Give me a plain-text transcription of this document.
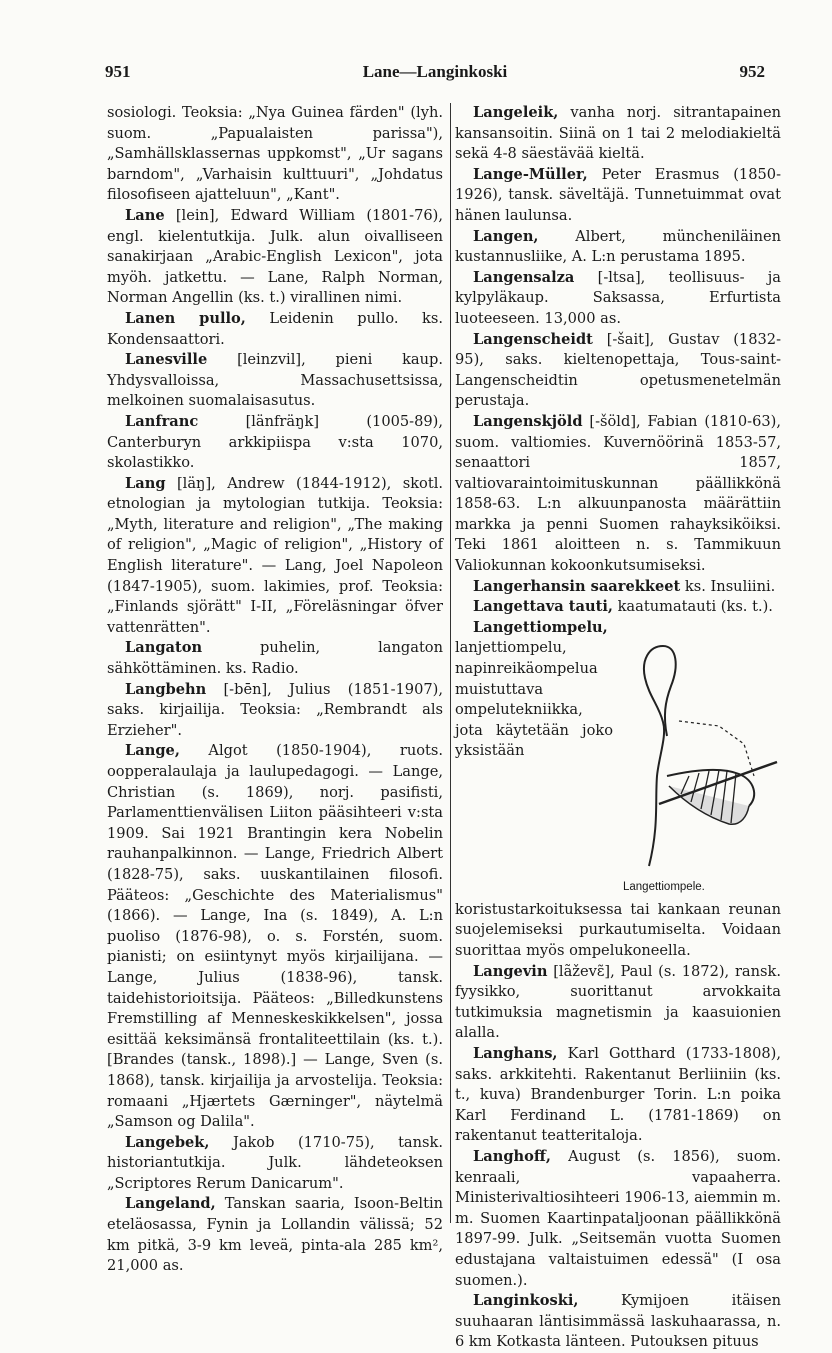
951	Lane—Langinkoski	952

sosiologi. Teoksia: „Nya Guinea färden" (lyh. suom. „Papualaisten parissa"), „Samhällsklassernas uppkomst", „Ur sagans barndom", „Varhaisin kulttuuri", „Johdatus filosofiseen ajatteluun", „Kant".

Lane [lein], Edward William (1801-76), engl. kielentutkija. Julk. alun oivalliseen sanakirjaan „Arabic-English Lexicon", jota myöh. jatkettu. — Lane, Ralph Norman, Norman Angellin (ks. t.) virallinen nimi.

Lanen pullo, Leidenin pullo. ks. Kondensaattori.

Lanesville [leinzvil], pieni kaup. Yhdysvalloissa, Massachusettsissa, melkoinen suomalaisasutus.

Lanfranc	[länfräŋk] (1005-89), Canterburyn arkkipiispa v:sta 1070, skolastikko.

Lang [läŋ], Andrew (1844-1912), skotl. etnologian ja mytologian tutkija. Teoksia: „Myth, literature and religion", „The making of religion", „Magic of religion", „History of English literature". — Lang, Joel Napoleon (1847-1905), suom. lakimies, prof. Teoksia: „Finlands sjörätt" I-II, „Föreläsningar öfver vattenrätten".

Langaton	puhelin, langaton sähköttäminen. ks. Radio.

Langbehn [-bēn], Julius (1851-1907), saks. kirjailija. Teoksia: „Rembrandt als Erzieher".

Lange, Algot (1850-1904), ruots. oopperalaulaja ja laulupedagogi. — Lange, Christian (s. 1869), norj. pasifisti, Parlamenttienvälisen Liiton pääsihteeri v:sta 1909. Sai 1921 Brantingin kera Nobelin rauhanpalkinnon. — Lange, Friedrich Albert (1828-75), saks. uuskantilainen filosofi. Pääteos: „Geschichte des Materialismus" (1866). — Lange, Ina (s. 1849), A. L:n puoliso (1876-98), o. s. Forstén, suom. pianisti; on esiintynyt myös kirjailijana. — Lange, Julius (1838-96), tansk. taidehistorioitsija. Pääteos: „Billedkunstens Fremstilling af Menneskeskikkelsen", jossa esittää keksimänsä frontaliteettilain (ks. t.). [Brandes (tansk., 1898).] — Lange, Sven (s. 1868), tansk. kirjailija ja arvostelija. Teoksia: romaani „Hjærtets Gærninger", näytelmä „Samson og Dalila".

Langebek, Jakob (1710-75), tansk. historiantutkija. Julk. lähdeteoksen „Scriptores Rerum Danicarum".

Langeland, Tanskan saaria, Isoon-Beltin eteläosassa, Fynin ja Lollandin välissä; 52 km pitkä, 3-9 km leveä, pinta-ala 285 km², 21,000 as.

Langeleik, vanha norj. sitrantapainen kansansoitin. Siinä on 1 tai 2 melodiakieltä sekä 4-8 säestävää kieltä.

Lange-Müller, Peter Erasmus (1850-1926), tansk. säveltäjä. Tunnetuimmat ovat hänen laulunsa.

Langen,	Albert, müncheniläinen kustannusliike, A. L:n perustama 1895.

Langensalza [-ltsa], teollisuus- ja kylpyläkaup. Saksassa, Erfurtista luoteeseen. 13,000 as.

Langenscheidt [-šait], Gustav (1832-95), saks. kieltenopettaja, Tous-saint-Langenscheidtin opetusmenetelmän perustaja.

Langenskjöld [-šöld], Fabian (1810-63), suom. valtiomies. Kuvernöörinä 1853-57, senaattori 1857, valtiovaraintoimituskunnan päällikkönä 1858-63. L:n alkuunpanosta määrättiin markka ja penni Suomen rahayksiköiksi. Teki 1861 aloitteen n. s. Tammikuun Valiokunnan kokoonkutsumiseksi.

Langerhansin saarekkeet ks. Insuliini.

Langettava tauti, kaatumatauti (ks. t.).

Langettiompele.

Langettiompelu, lanjettiompelu, napinreikäompelua muistuttava ompelutekniikka, jota käytetään joko yksistään koristustarkoituksessa tai kankaan reunan suojelemiseksi purkautumiselta. Voidaan suorittaa myös ompelukoneella.

Langevin [lãževɛ̃], Paul (s. 1872), ransk. fyysikko, suorittanut arvokkaita tutkimuksia magnetismin ja kaasuionien alalla.

Langhans, Karl Gotthard (1733-1808), saks. arkkitehti. Rakentanut Berliiniin (ks. t., kuva) Brandenburger Torin. L:n poika Karl Ferdinand L. (1781-1869) on rakentanut teatteritaloja.

Langhoff, August (s. 1856), suom. kenraali, vapaaherra. Ministerivaltiosihteeri 1906-13, aiemmin m. m. Suomen Kaartinpataljoonan päällikkönä 1897-99. Julk. „Seitsemän vuotta Suomen edustajana valtaistuimen edessä" (I osa suomen.).

Langinkoski,	Kymijoen itäisen suuhaaran läntisimmässä laskuhaarassa, n. 6 km Kotkasta länteen. Putouksen pituus
